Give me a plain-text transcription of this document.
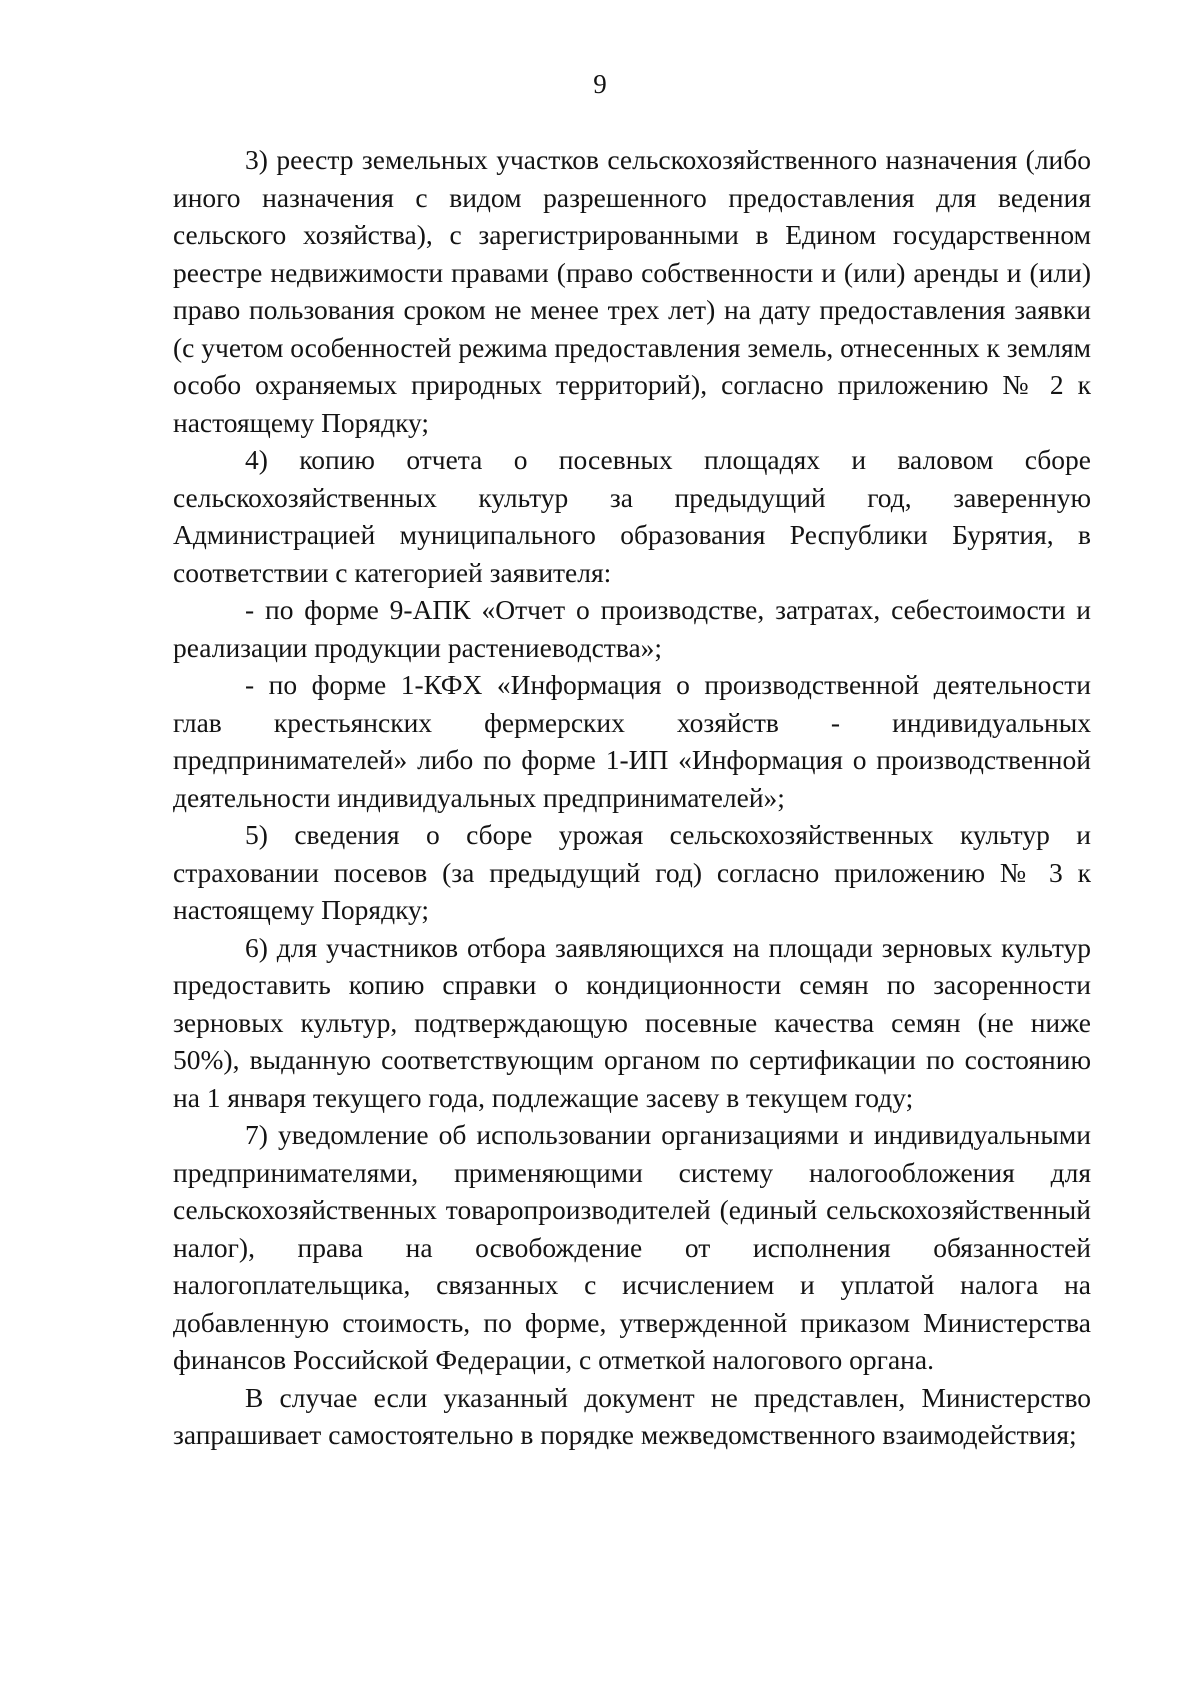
9

3) реестр земельных участков сельскохозяйственного назначения (либо иного назначения с видом разрешенного предоставления для ведения сельского хозяйства), с зарегистрированными в Едином государственном реестре недвижимости правами (право собственности и (или) аренды и (или) право пользования сроком не менее трех лет) на дату предоставления заявки (с учетом особенностей режима предоставления земель, отнесенных к землям особо охраняемых природных территорий), согласно приложению № 2 к настоящему Порядку;

4) копию отчета о посевных площадях и валовом сборе сельскохозяйственных культур за предыдущий год, заверенную Администрацией муниципального образования Республики Бурятия, в соответствии с категорией заявителя:

- по форме 9-АПК «Отчет о производстве, затратах, себестоимости и реализации продукции растениеводства»;

- по форме 1-КФХ «Информация о производственной деятельности глав крестьянских фермерских хозяйств - индивидуальных предпринимателей» либо по форме 1-ИП «Информация о производственной деятельности индивидуальных предпринимателей»;

5) сведения о сборе урожая сельскохозяйственных культур и страховании посевов (за предыдущий год) согласно приложению № 3 к настоящему Порядку;

6) для участников отбора заявляющихся на площади зерновых культур предоставить копию справки о кондиционности семян по засоренности зерновых культур, подтверждающую посевные качества семян (не ниже 50%), выданную соответствующим органом по сертификации по состоянию на 1 января текущего года, подлежащие засеву в текущем году;

7) уведомление об использовании организациями и индивидуальными предпринимателями, применяющими систему налогообложения для сельскохозяйственных товаропроизводителей (единый сельскохозяйственный налог), права на освобождение от исполнения обязанностей налогоплательщика, связанных с исчислением и уплатой налога на добавленную стоимость, по форме, утвержденной приказом Министерства финансов Российской Федерации, с отметкой налогового органа.

В случае если указанный документ не представлен, Министерство запрашивает самостоятельно в порядке межведомственного взаимодействия;
